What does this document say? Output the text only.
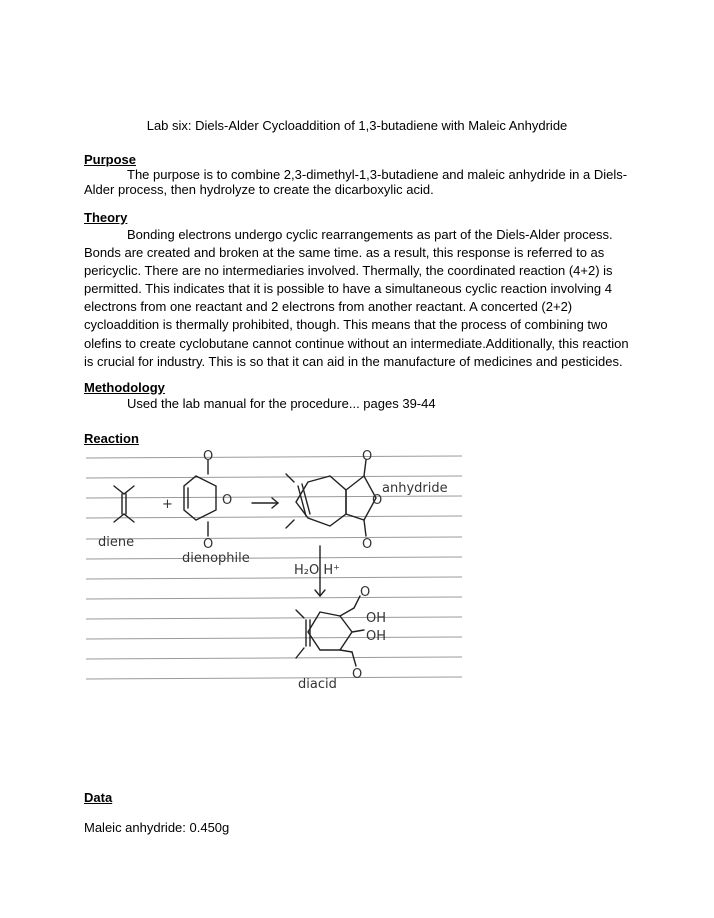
Lab six: Diels-Alder Cycloaddition of 1,3-butadiene with Maleic Anhydride
Purpose
The purpose is to combine 2,3-dimethyl-1,3-butadiene and maleic anhydride in a Diels-Alder process, then hydrolyze to create the dicarboxylic acid.
Theory
Bonding electrons undergo cyclic rearrangements as part of the Diels-Alder process. Bonds are created and broken at the same time. as a result, this response is referred to as pericyclic. There are no intermediaries involved. Thermally, the coordinated reaction (4+2) is permitted. This indicates that it is possible to have a simultaneous cyclic reaction involving 4 electrons from one reactant and 2 electrons from another reactant. A concerted (2+2) cycloaddition is thermally prohibited, though. This means that the process of combining two olefins to create cyclobutane cannot continue without an intermediate.Additionally, this reaction is crucial for industry. This is so that it can aid in the manufacture of medicines and pesticides.
Methodology
Used the lab manual for the procedure... pages 39-44
Reaction
diene
+
dienophile
anhydride
H₂O H⁺
diacid
OH
OH
O
O
O
O
O
O
O
O
Data
Maleic anhydride: 0.450g
